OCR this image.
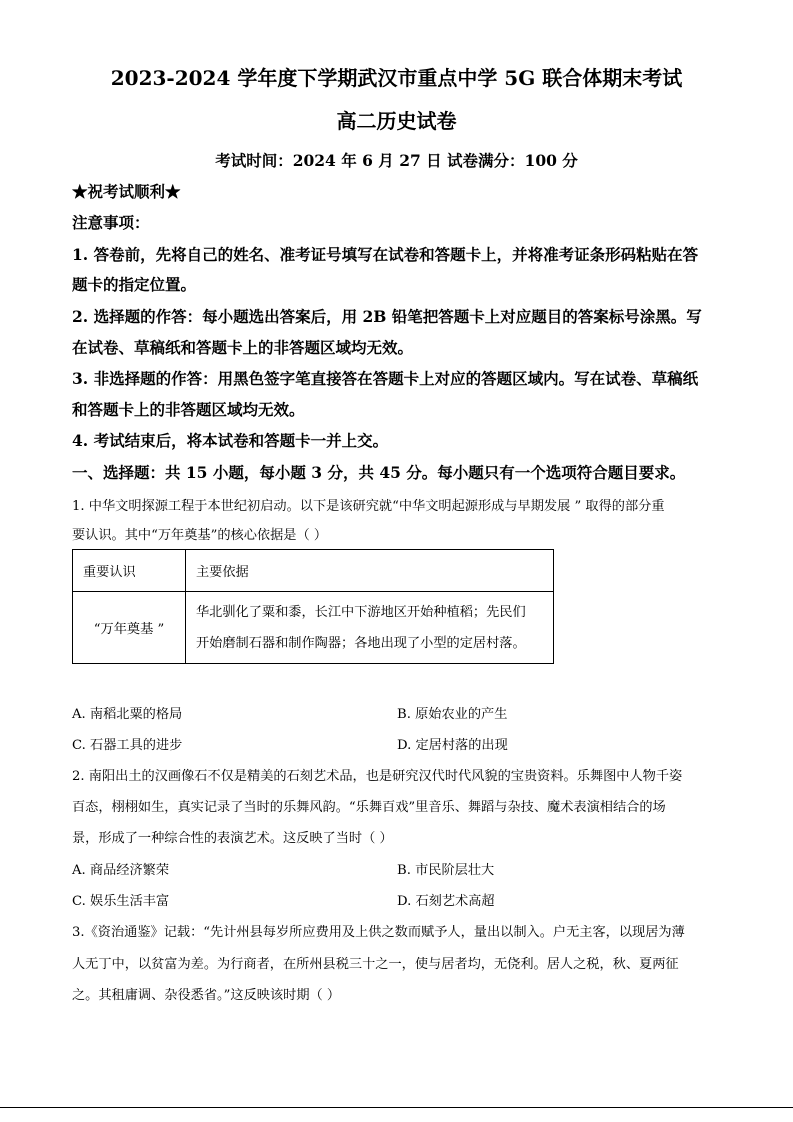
2023-2024 学年度下学期武汉市重点中学 5G 联合体期末考试
高二历史试卷
考试时间：2024 年 6 月 27 日 试卷满分：100 分
★祝考试顺利★
注意事项：
1. 答卷前，先将自己的姓名、准考证号填写在试卷和答题卡上，并将准考证条形码粘贴在答
题卡的指定位置。
2. 选择题的作答：每小题选出答案后，用 2B 铅笔把答题卡上对应题目的答案标号涂黑。写
在试卷、草稿纸和答题卡上的非答题区域均无效。
3. 非选择题的作答：用黑色签字笔直接答在答题卡上对应的答题区域内。写在试卷、草稿纸
和答题卡上的非答题区域均无效。
4. 考试结束后，将本试卷和答题卡一并上交。
一、选择题：共 15 小题，每小题 3 分，共 45 分。每小题只有一个选项符合题目要求。
1. 中华文明探源工程于本世纪初启动。以下是该研究就“中华文明起源形成与早期发展 ” 取得的部分重
要认识。其中“万年奠基”的核心依据是（ ）
重要认识	主要依据
“万年奠基 ”	华北驯化了粟和黍，长江中下游地区开始种植稻；先民们
开始磨制石器和制作陶器；各地出现了小型的定居村落。
A. 南稻北粟的格局	B. 原始农业的产生
C. 石器工具的进步	D. 定居村落的出现
2. 南阳出土的汉画像石不仅是精美的石刻艺术品，也是研究汉代时代风貌的宝贵资料。乐舞图中人物千姿
百态，栩栩如生，真实记录了当时的乐舞风韵。“乐舞百戏”里音乐、舞蹈与杂技、魔术表演相结合的场
景，形成了一种综合性的表演艺术。这反映了当时（ ）
A. 商品经济繁荣	B. 市民阶层壮大
C. 娱乐生活丰富	D. 石刻艺术高超
3.《资治通鉴》记载：“先计州县每岁所应费用及上供之数而赋予人，量出以制入。户无主客，以现居为薄
人无丁中，以贫富为差。为行商者，在所州县税三十之一，使与居者均，无侥利。居人之税，秋、夏两征
之。其租庸调、杂役悉省。”这反映该时期（ ）
